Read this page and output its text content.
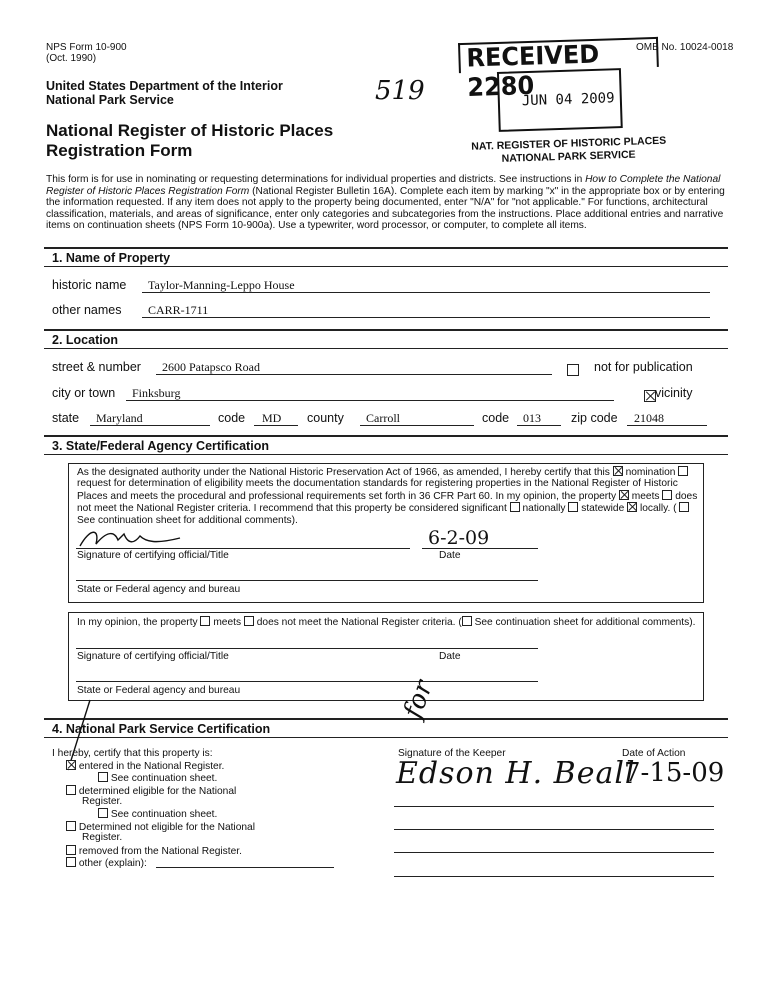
NPS Form 10-900
(Oct. 1990)
OMB No. 10024-0018
United States Department of the Interior
National Park Service	519
National Register of Historic Places
Registration Form
RECEIVED 2280
JUN 04 2009
NAT. REGISTER OF HISTORIC PLACES
NATIONAL PARK SERVICE
This form is for use in nominating or requesting determinations for individual properties and districts. See instructions in How to Complete the National Register of Historic Places Registration Form (National Register Bulletin 16A). Complete each item by marking "x" in the appropriate box or by entering the information requested. If any item does not apply to the property being documented, enter "N/A" for "not applicable." For functions, architectural classification, materials, and areas of significance, enter only categories and subcategories from the instructions. Place additional entries and narrative items on continuation sheets (NPS Form 10-900a). Use a typewriter, word processor, or computer, to complete all items.
1. Name of Property
historic name Taylor-Manning-Leppo House
other names CARR-1711
2. Location
street & number 2600 Patapsco Road
	not for publication
city or town Finksburg	vicinity
state Maryland	code MD county Carroll	code 013 zip code 21048
3. State/Federal Agency Certification
As the designated authority under the National Historic Preservation Act of 1966, as amended, I hereby certify that this nomination  request for determination of eligibility meets the documentation standards for registering properties in the National Register of Historic Places and meets the procedural and professional requirements set forth in 36 CFR Part 60. In my opinion, the property meets does not meet the National Register criteria. I recommend that this property be considered significant nationally statewide locally. (  See continuation sheet for additional comments).
6-2-09
Signature of certifying official/Title	Date
State or Federal agency and bureau
In my opinion, the property meets does not meet the National Register criteria. ( See continuation sheet for additional comments).
Signature of certifying official/Title	Date
State or Federal agency and bureau
4. National Park Service Certification
I hereby, certify that this property is:
entered in the National Register.
See continuation sheet.
determined eligible for the National
Register.
See continuation sheet.
Determined not eligible for the National
Register.
removed from the National Register.
other (explain):
Signature of the Keeper	Date of Action
for
Edson H. Beall
7-15-09
